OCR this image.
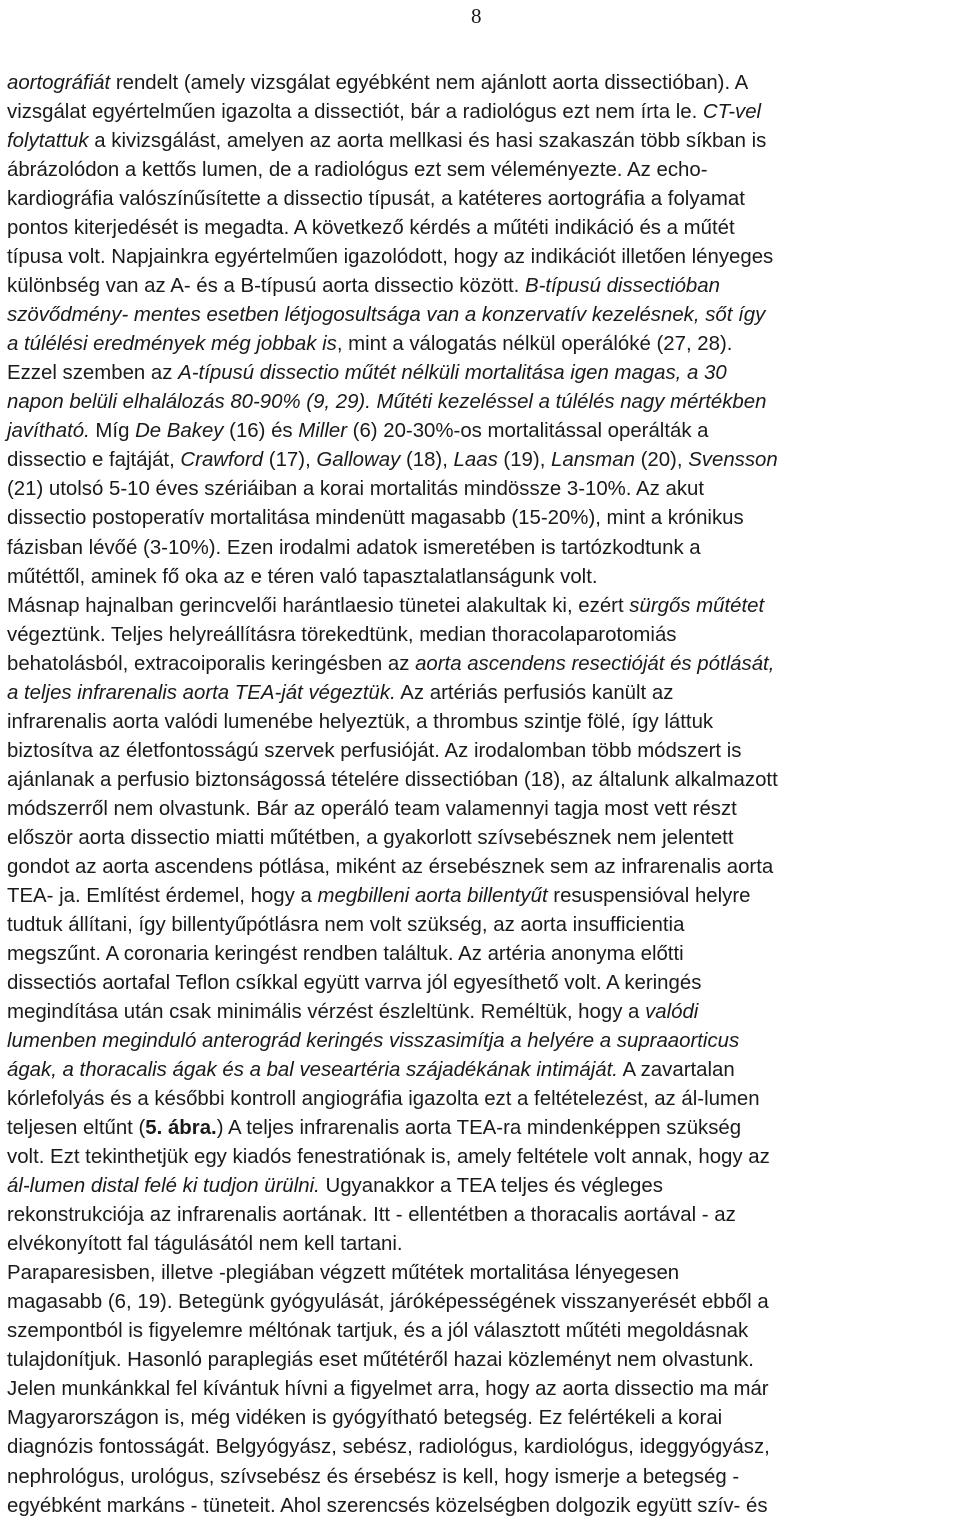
8
aortográfiát rendelt (amely vizsgálat egyébként nem ajánlott aorta dissectióban). A
vizsgálat egyértelműen igazolta a dissectiót, bár a radiológus ezt nem írta le. CT-vel
folytattuk a kivizsgálást, amelyen az aorta mellkasi és hasi szakaszán több síkban is
ábrázolódon a kettős lumen, de a radiológus ezt sem véleményezte. Az echo-
kardiográfia valószínűsítette a dissectio típusát, a katéteres aortográfia a folyamat
pontos kiterjedését is megadta. A következő kérdés a műtéti indikáció és a műtét
típusa volt. Napjainkra egyértelműen igazolódott, hogy az indikációt illetően lényeges
különbség van az A- és a B-típusú aorta dissectio között. B-típusú dissectióban
szövődmény- mentes esetben létjogosultsága van a konzervatív kezelésnek, sőt így
a túlélési eredmények még jobbak is, mint a válogatás nélkül operálóké (27, 28).
Ezzel szemben az A-típusú dissectio műtét nélküli mortalitása igen magas, a 30
napon belüli elhalálozás 80-90% (9, 29). Műtéti kezeléssel a túlélés nagy mértékben
javítható. Míg De Bakey (16) és Miller (6) 20-30%-os mortalitással operálták a
dissectio e fajtáját, Crawford (17), Galloway (18), Laas (19), Lansman (20), Svensson
(21) utolsó 5-10 éves szériáiban a korai mortalitás mindössze 3-10%. Az akut
dissectio postoperatív mortalitása mindenütt magasabb (15-20%), mint a krónikus
fázisban lévőé (3-10%). Ezen irodalmi adatok ismeretében is tartózkodtunk a
műtéttől, aminek fő oka az e téren való tapasztalatlanságunk volt.
Másnap hajnalban gerincvelői harántlaesio tünetei alakultak ki, ezért sürgős műtétet
végeztünk. Teljes helyreállításra törekedtünk, median thoracolaparotomiás
behatolásból, extracoiporalis keringésben az aorta ascendens resectióját és pótlását,
a teljes infrarenalis aorta TEA-ját végeztük. Az artériás perfusiós kanült az
infrarenalis aorta valódi lumenébe helyeztük, a thrombus szintje fölé, így láttuk
biztosítva az életfontosságú szervek perfusióját. Az irodalomban több módszert is
ajánlanak a perfusio biztonságossá tételére dissectióban (18), az általunk alkalmazott
módszerről nem olvastunk. Bár az operáló team valamennyi tagja most vett részt
először aorta dissectio miatti műtétben, a gyakorlott szívsebésznek nem jelentett
gondot az aorta ascendens pótlása, miként az érsebésznek sem az infrarenalis aorta
TEA- ja. Említést érdemel, hogy a megbilleni aorta billentyűt resuspensióval helyre
tudtuk állítani, így billentyűpótlásra nem volt szükség, az aorta insufficientia
megszűnt. A coronaria keringést rendben találtuk. Az artéria anonyma előtti
dissectiós aortafal Teflon csíkkal együtt varrva jól egyesíthető volt. A keringés
megindítása után csak minimális vérzést észleltünk. Reméltük, hogy a valódi
lumenben meginduló anterográd keringés visszasimítja a helyére a supraaorticus
ágak, a thoracalis ágak és a bal veseartéria szájadékának intimáját. A zavartalan
kórlefolyás és a későbbi kontroll angiográfia igazolta ezt a feltételezést, az ál-lumen
teljesen eltűnt (5. ábra.) A teljes infrarenalis aorta TEA-ra mindenképpen szükség
volt. Ezt tekinthetjük egy kiadós fenestratiónak is, amely feltétele volt annak, hogy az
ál-lumen distal felé ki tudjon ürülni. Ugyanakkor a TEA teljes és végleges
rekonstrukciója az infrarenalis aortának. Itt - ellentétben a thoracalis aortával - az
elvékonyított fal tágulásától nem kell tartani.
Paraparesisben, illetve -plegiában végzett műtétek mortalitása lényegesen
magasabb (6, 19). Betegünk gyógyulását, járóképességének visszanyerését ebből a
szempontból is figyelemre méltónak tartjuk, és a jól választott műtéti megoldásnak
tulajdonítjuk. Hasonló paraplegiás eset műtétéről hazai közleményt nem olvastunk.
Jelen munkánkkal fel kívántuk hívni a figyelmet arra, hogy az aorta dissectio ma már
Magyarországon is, még vidéken is gyógyítható betegség. Ez felértékeli a korai
diagnózis fontosságát. Belgyógyász, sebész, radiológus, kardiológus, ideggyógyász,
nephrológus, urológus, szívsebész és érsebész is kell, hogy ismerje a betegség -
egyébként markáns - tüneteit. Ahol szerencsés közelségben dolgozik együtt szív- és
